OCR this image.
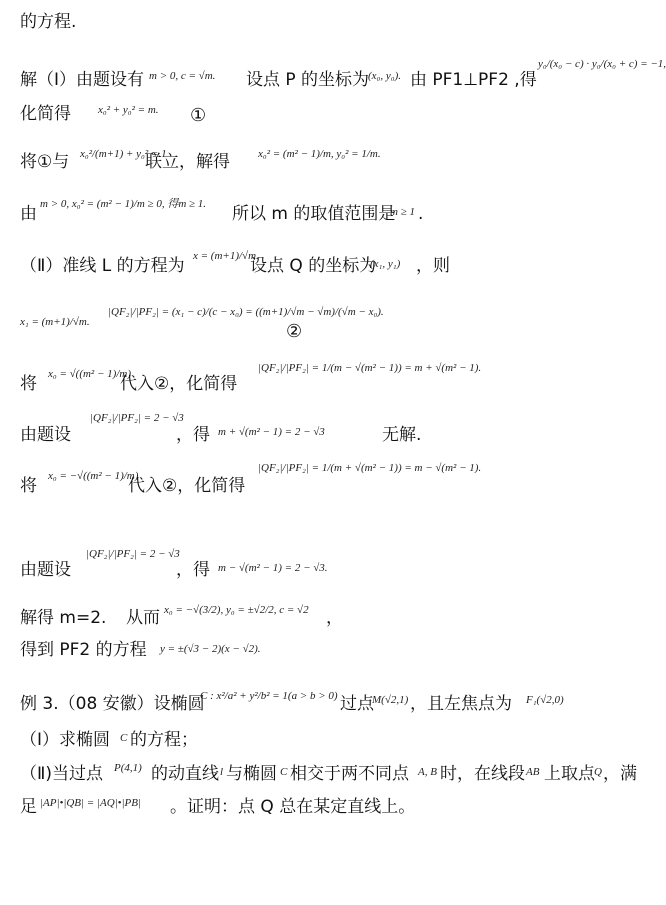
的方程.
解（Ⅰ）由题设有 m > 0, c = √m. 设点 P 的坐标为
(x₀, y₀). 由 PF1⊥PF2 ,得
y₀/(x₀ − c) · y₀/(x₀ + c) = −1,
化简得 x₀² + y₀² = m. ①
将①与 x₀²/(m+1) + y₀² = 1
联立，解得	x₀² = (m² − 1)/m, y₀² = 1/m.
由 m > 0, x₀² = (m² − 1)/m ≥ 0, 得m ≥ 1. 所以 m 的取值范围是
m ≥ 1 .
（Ⅱ）准线 L 的方程为 x = (m+1)/√m.
设点 Q 的坐标为
(x₁, y₁) ，则
x₁ = (m+1)/√m.
|QF₂|/|PF₂| = (x₁ − c)/(c − x₀) = ((m+1)/√m − √m)/(√m − x₀).
②
将 x₀ = √((m² − 1)/m)
代入②，化简得
|QF₂|/|PF₂| = 1/(m − √(m² − 1)) = m + √(m² − 1).
由题设
|QF₂|/|PF₂| = 2 − √3
，得 m + √(m² − 1) = 2 − √3	无解.
将 x₀ = −√((m² − 1)/m)
代入②，化简得
|QF₂|/|PF₂| = 1/(m + √(m² − 1)) = m − √(m² − 1).
由题设
|QF₂|/|PF₂| = 2 − √3
，得 m − √(m² − 1) = 2 − √3.
解得 m=2. 从而 x₀ = −√(3/2), y₀ = ±√2/2, c = √2 ，
得到 PF2 的方程 y = ±(√3 − 2)(x − √2).
例 3.（08 安徽）设椭圆
C : x²/a² + y²/b² = 1(a > b > 0) 过点
M(√2,1) ，且左焦点为 F₁(√2,0)
（Ⅰ）求椭圆 C 的方程；
（Ⅱ)当过点 P(4,1) 的动直线 l 与椭圆 C 相交于两不同点 A, B 时，在线段 AB 上取点 Q ，满
足 |AP|•|QB| = |AQ|•|PB| 。证明：点 Q 总在某定直线上。
